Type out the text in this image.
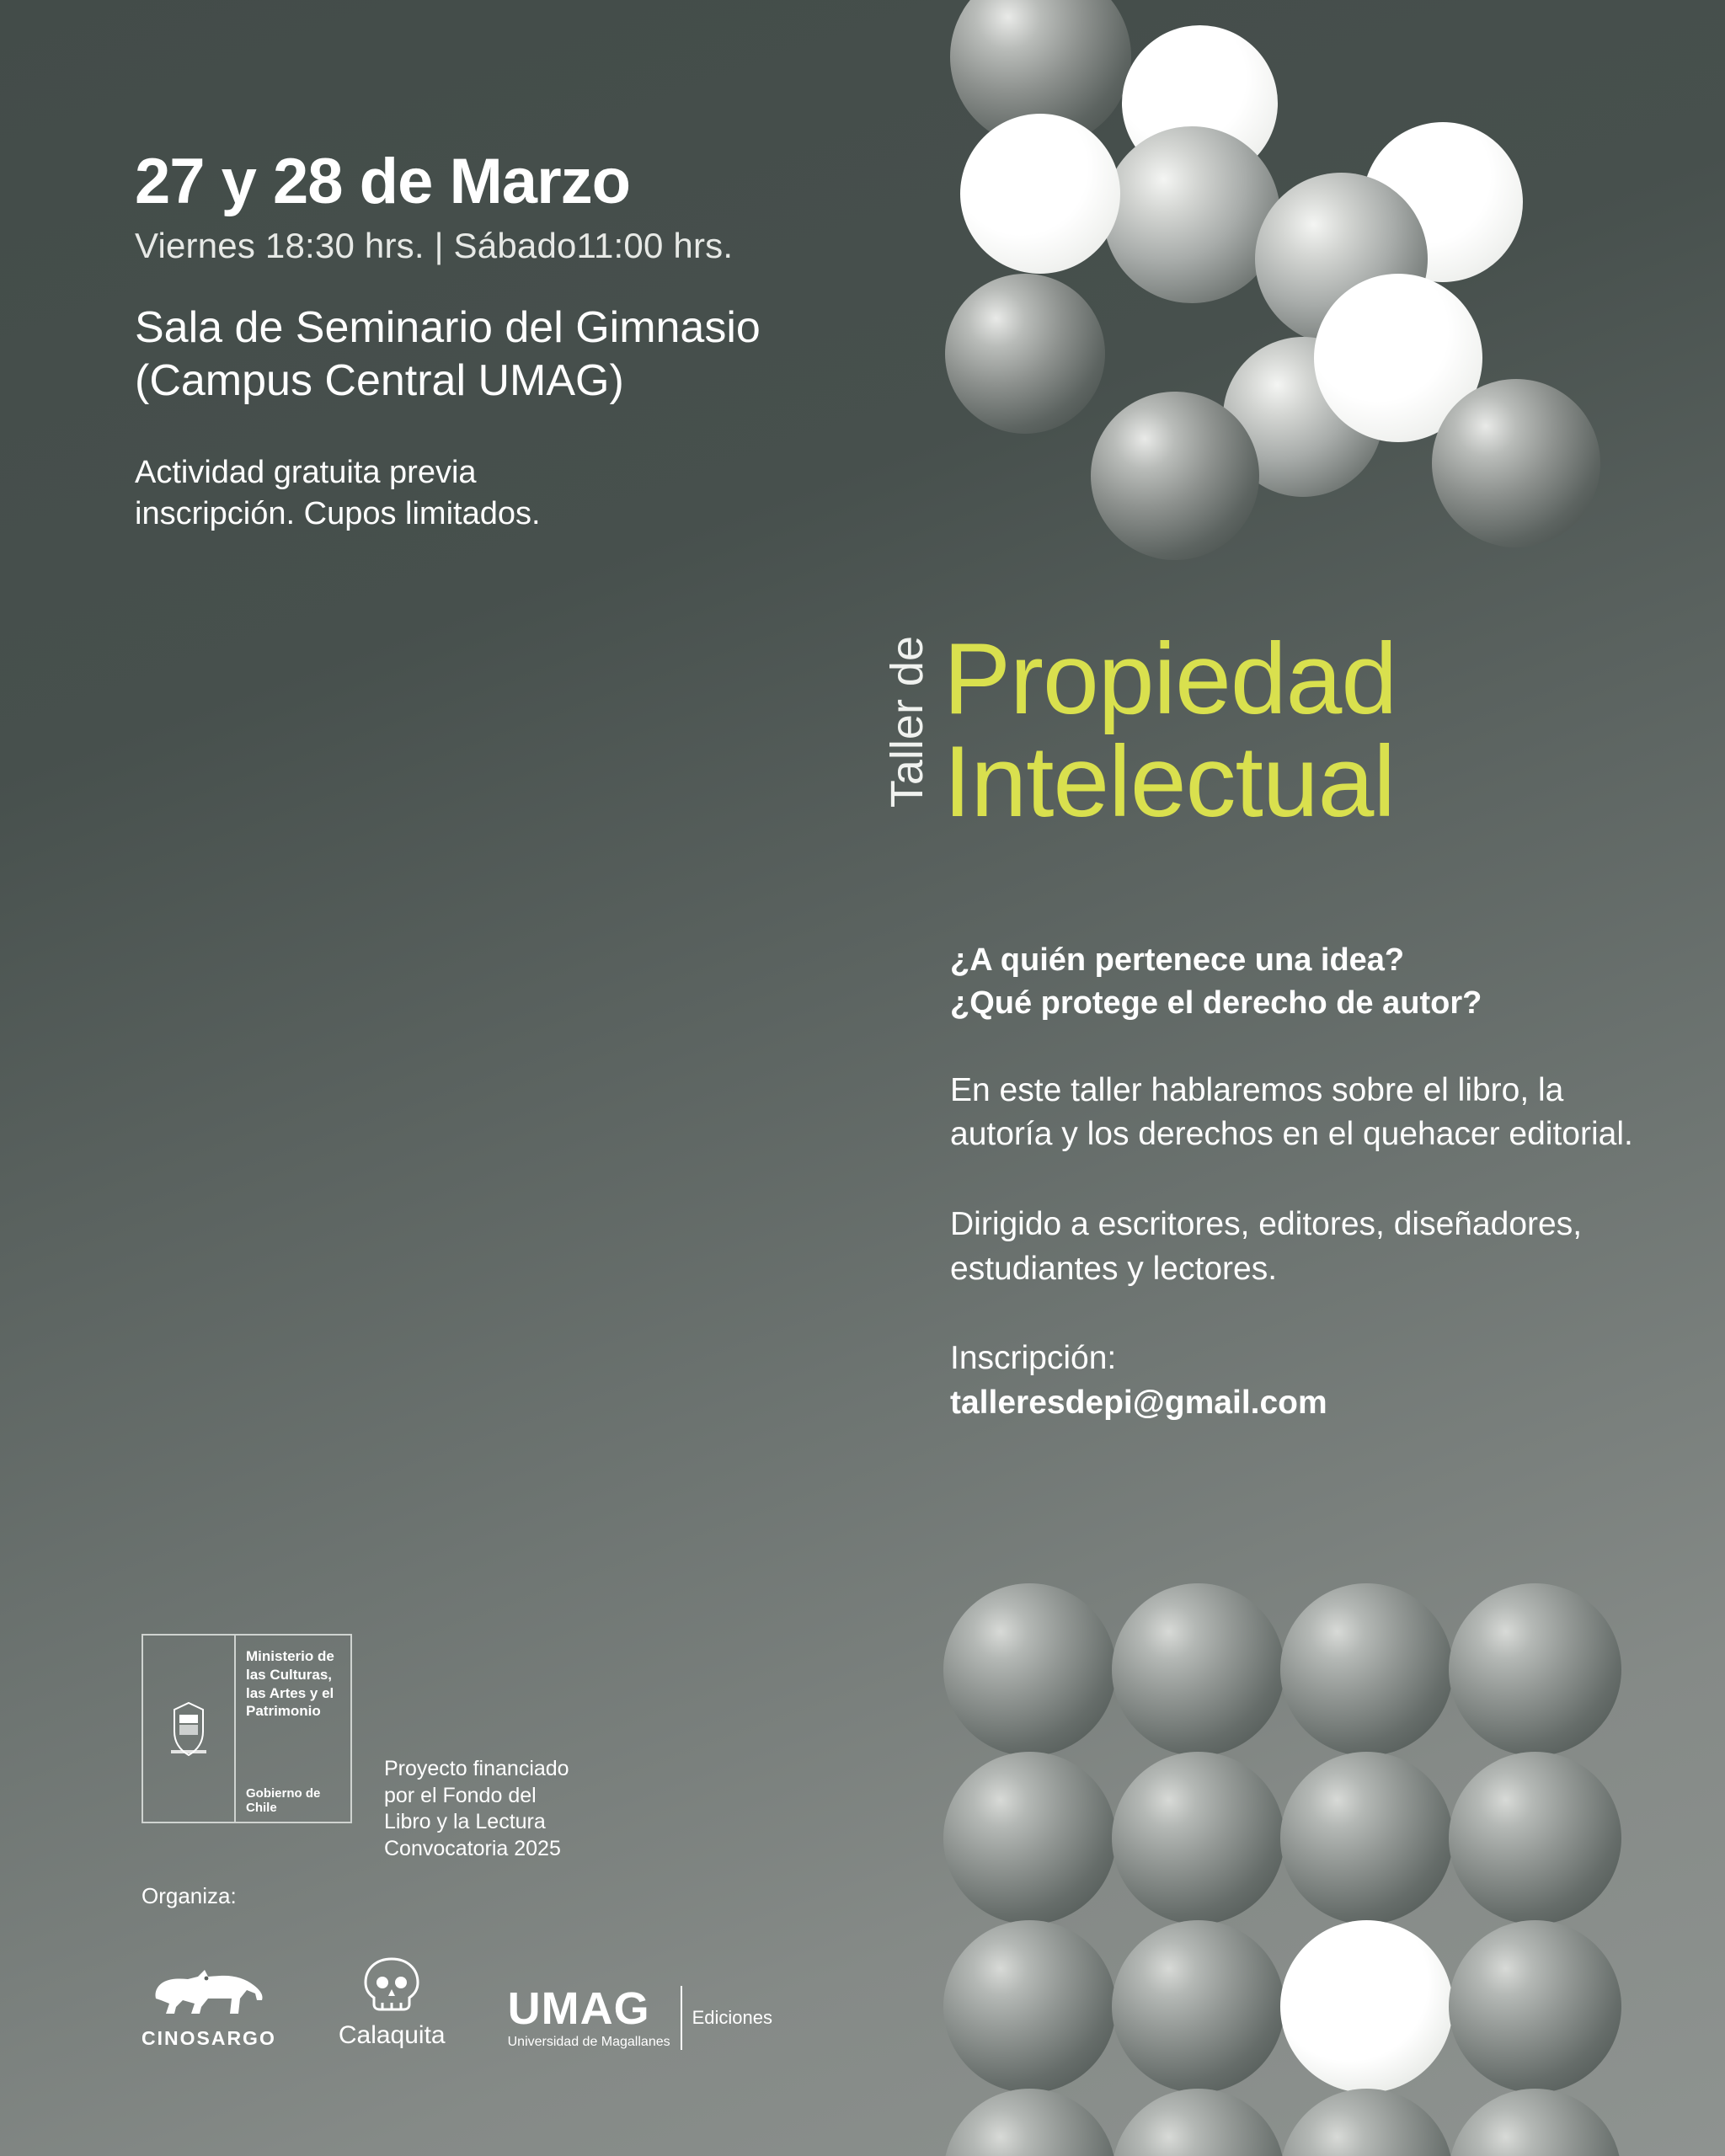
27 y 28 de Marzo

Viernes 18:30 hrs. | Sábado11:00 hrs.

Sala de Seminario del Gimnasio
(Campus Central UMAG)

Actividad gratuita previa
inscripción. Cupos limitados.

Taller de Propiedad
Intelectual

¿A quién pertenece una idea?
¿Qué protege el derecho de autor?

En este taller hablaremos sobre el libro, la autoría y los derechos en el quehacer editorial.

Dirigido a escritores, editores, diseñadores, estudiantes y lectores.

Inscripción:

talleresdepi@gmail.com

Ministerio de
las Culturas,
las Artes y el
Patrimonio
Gobierno de Chile
Proyecto financiado
por el Fondo del
Libro y la Lectura
Convocatoria 2025
Organiza:
CINOSARGO Calaquita
UMAG
Universidad de Magallanes
Ediciones
